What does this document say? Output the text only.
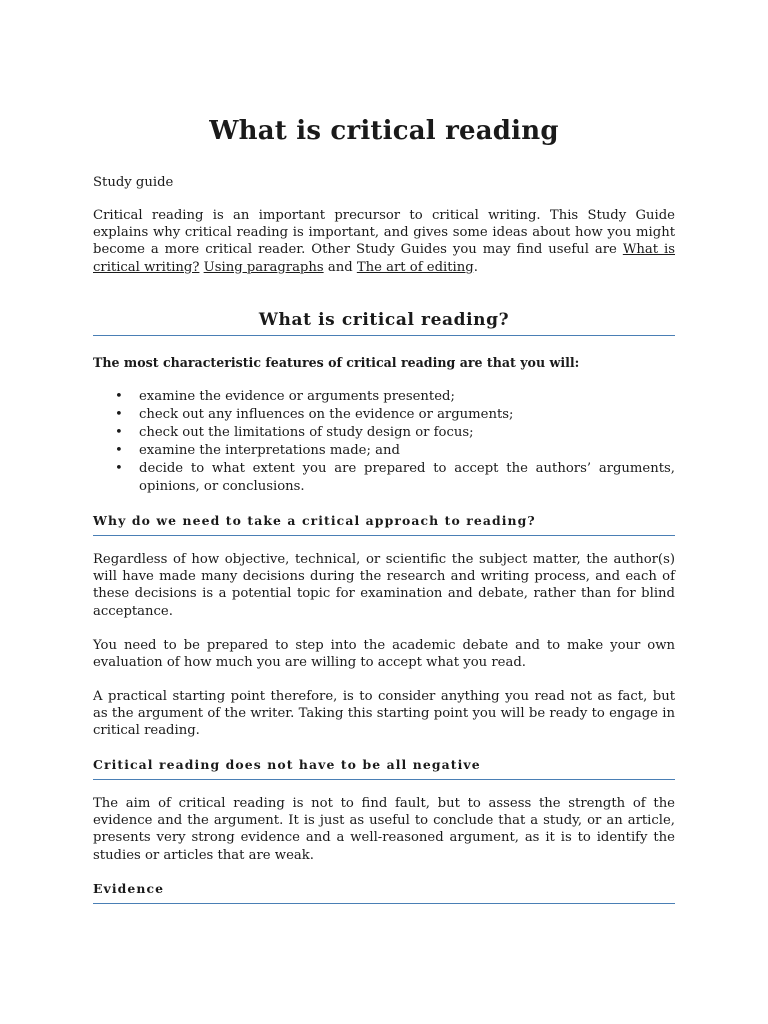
What is critical reading

Study guide

Critical reading is an important precursor to critical writing. This Study Guide explains why critical reading is important, and gives some ideas about how you might become a more critical reader. Other Study Guides you may find useful are What is critical writing? Using paragraphs and The art of editing.

What is critical reading?

The most characteristic features of critical reading are that you will:

• examine the evidence or arguments presented;
• check out any influences on the evidence or arguments;
• check out the limitations of study design or focus;
• examine the interpretations made; and
• decide to what extent you are prepared to accept the authors’ arguments, opinions, or conclusions.
Why do we need to take a critical approach to reading?

Regardless of how objective, technical, or scientific the subject matter, the author(s) will have made many decisions during the research and writing process, and each of these decisions is a potential topic for examination and debate, rather than for blind acceptance.

You need to be prepared to step into the academic debate and to make your own evaluation of how much you are willing to accept what you read.

A practical starting point therefore, is to consider anything you read not as fact, but as the argument of the writer. Taking this starting point you will be ready to engage in critical reading.

Critical reading does not have to be all negative

The aim of critical reading is not to find fault, but to assess the strength of the evidence and the argument. It is just as useful to conclude that a study, or an article, presents very strong evidence and a well-reasoned argument, as it is to identify the studies or articles that are weak.

Evidence
